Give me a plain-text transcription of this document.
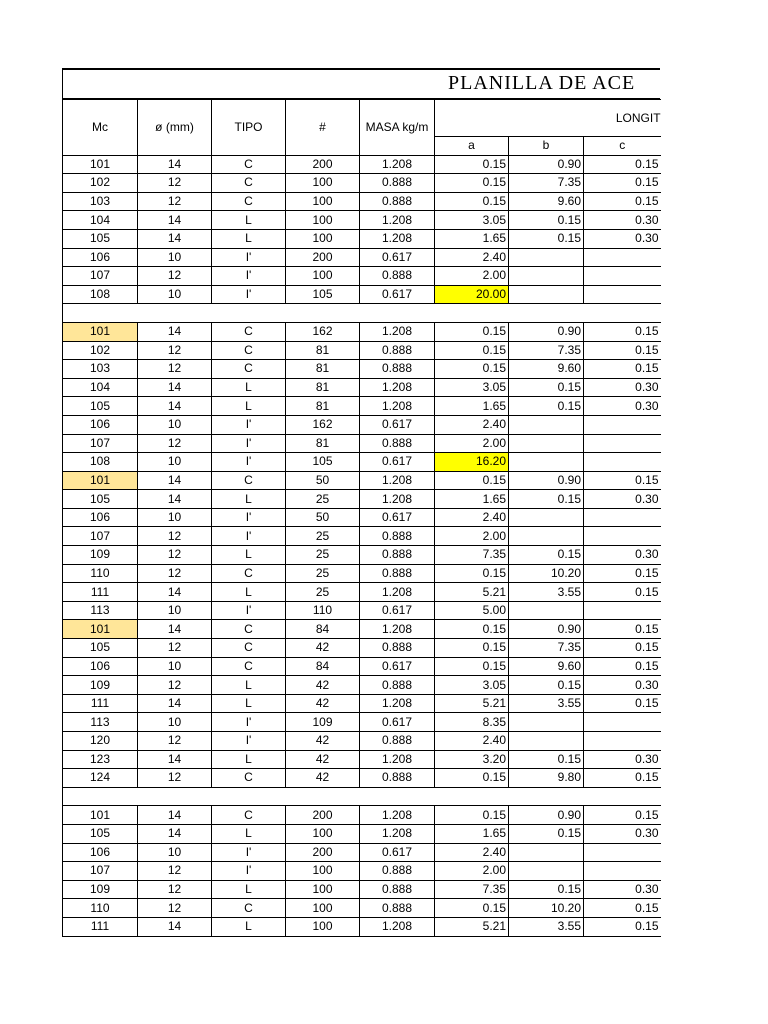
PLANILLA DE ACE
Mc	ø (mm)	TIPO	#	MASA kg/m	LONGIT		
					a	b	c
101	14	C	200	1.208	0.15	0.90	0.15
102	12	C	100	0.888	0.15	7.35	0.15
103	12	C	100	0.888	0.15	9.60	0.15
104	14	L	100	1.208	3.05	0.15	0.30
105	14	L	100	1.208	1.65	0.15	0.30
106	10	I'	200	0.617	2.40		
107	12	I'	100	0.888	2.00		
108	10	I'	105	0.617	20.00		

101	14	C	162	1.208	0.15	0.90	0.15
102	12	C	81	0.888	0.15	7.35	0.15
103	12	C	81	0.888	0.15	9.60	0.15
104	14	L	81	1.208	3.05	0.15	0.30
105	14	L	81	1.208	1.65	0.15	0.30
106	10	I'	162	0.617	2.40		
107	12	I'	81	0.888	2.00		
108	10	I'	105	0.617	16.20		
101	14	C	50	1.208	0.15	0.90	0.15
105	14	L	25	1.208	1.65	0.15	0.30
106	10	I'	50	0.617	2.40		
107	12	I'	25	0.888	2.00		
109	12	L	25	0.888	7.35	0.15	0.30
110	12	C	25	0.888	0.15	10.20	0.15
111	14	L	25	1.208	5.21	3.55	0.15
113	10	I'	110	0.617	5.00		
101	14	C	84	1.208	0.15	0.90	0.15
105	12	C	42	0.888	0.15	7.35	0.15
106	10	C	84	0.617	0.15	9.60	0.15
109	12	L	42	0.888	3.05	0.15	0.30
111	14	L	42	1.208	5.21	3.55	0.15
113	10	I'	109	0.617	8.35		
120	12	I'	42	0.888	2.40		
123	14	L	42	1.208	3.20	0.15	0.30
124	12	C	42	0.888	0.15	9.80	0.15

101	14	C	200	1.208	0.15	0.90	0.15
105	14	L	100	1.208	1.65	0.15	0.30
106	10	I'	200	0.617	2.40		
107	12	I'	100	0.888	2.00		
109	12	L	100	0.888	7.35	0.15	0.30
110	12	C	100	0.888	0.15	10.20	0.15
111	14	L	100	1.208	5.21	3.55	0.15
